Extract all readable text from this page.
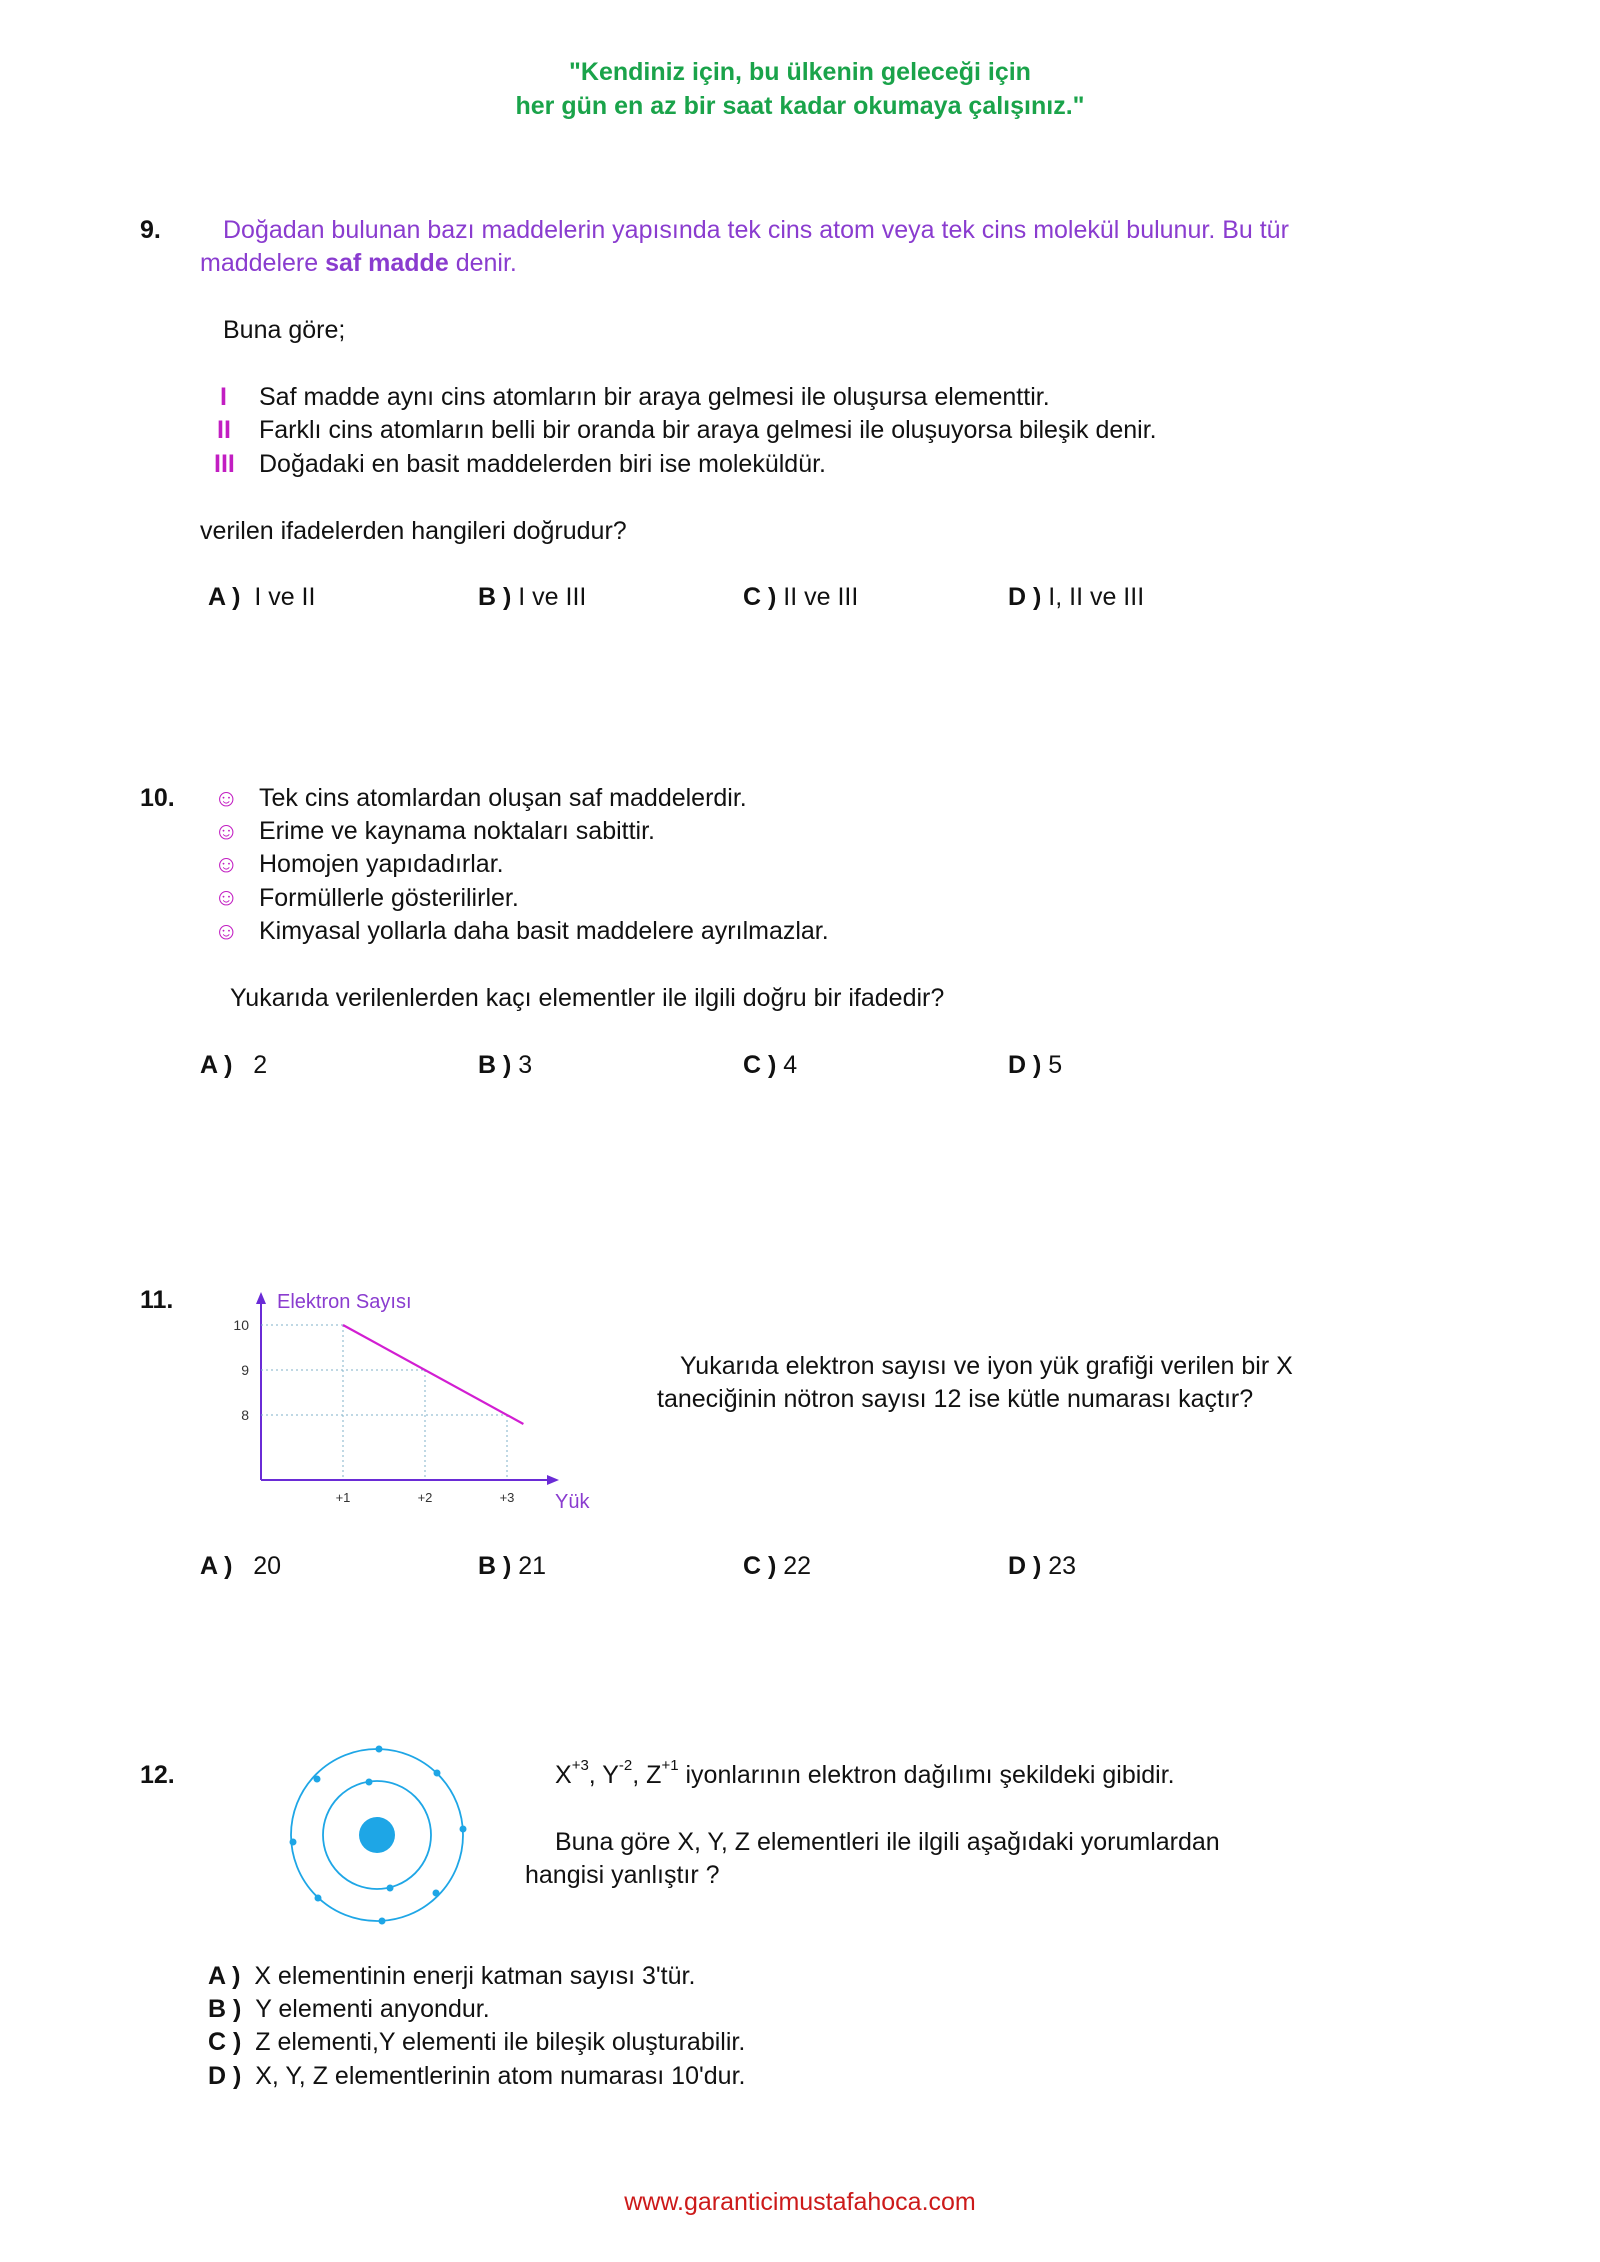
"Kendiniz için, bu ülkenin geleceği için
her gün en az bir saat kadar okumaya çalışınız."
9. Doğadan bulunan bazı maddelerin yapısında tek cins atom veya tek cins molekül bulunur. Bu tür
maddelere saf madde denir.
Buna göre;
I Saf madde aynı cins atomların bir araya gelmesi ile oluşursa elementtir.
II Farklı cins atomların belli bir oranda bir araya gelmesi ile oluşuyorsa bileşik denir.
III Doğadaki en basit maddelerden biri ise moleküldür.
verilen ifadelerden hangileri doğrudur?
A ) I ve II	B ) I ve III	C ) II ve III	D ) I, II ve III
10. ☺ Tek cins atomlardan oluşan saf maddelerdir.
☺ Erime ve kaynama noktaları sabittir.
☺ Homojen yapıdadırlar.
☺ Formüllerle gösterilirler.
☺ Kimyasal yollarla daha basit maddelere ayrılmazlar.
Yukarıda verilenlerden kaçı elementler ile ilgili doğru bir ifadedir?
A ) 2	B ) 3	C ) 4	D ) 5
11.	Elektron Sayısı
Yük
8
9
10
+1	+2	+3
Yukarıda elektron sayısı ve iyon yük grafiği verilen bir X
taneciğinin nötron sayısı 12 ise kütle numarası kaçtır?
A ) 20	B ) 21	C ) 22	D ) 23
12.	$X^{+3}$, $Y^{-2}$, $Z^{+1}$ iyonlarının elektron dağılımı şekildeki gibidir.
Buna göre X, Y, Z elementleri ile ilgili aşağıdaki yorumlardan
hangisi yanlıştır ?
A ) X elementinin enerji katman sayısı 3'tür.
B ) Y elementi anyondur.
C ) Z elementi,Y elementi ile bileşik oluşturabilir.
D ) X, Y, Z elementlerinin atom numarası 10'dur.
www.garanticimustafahoca.com
